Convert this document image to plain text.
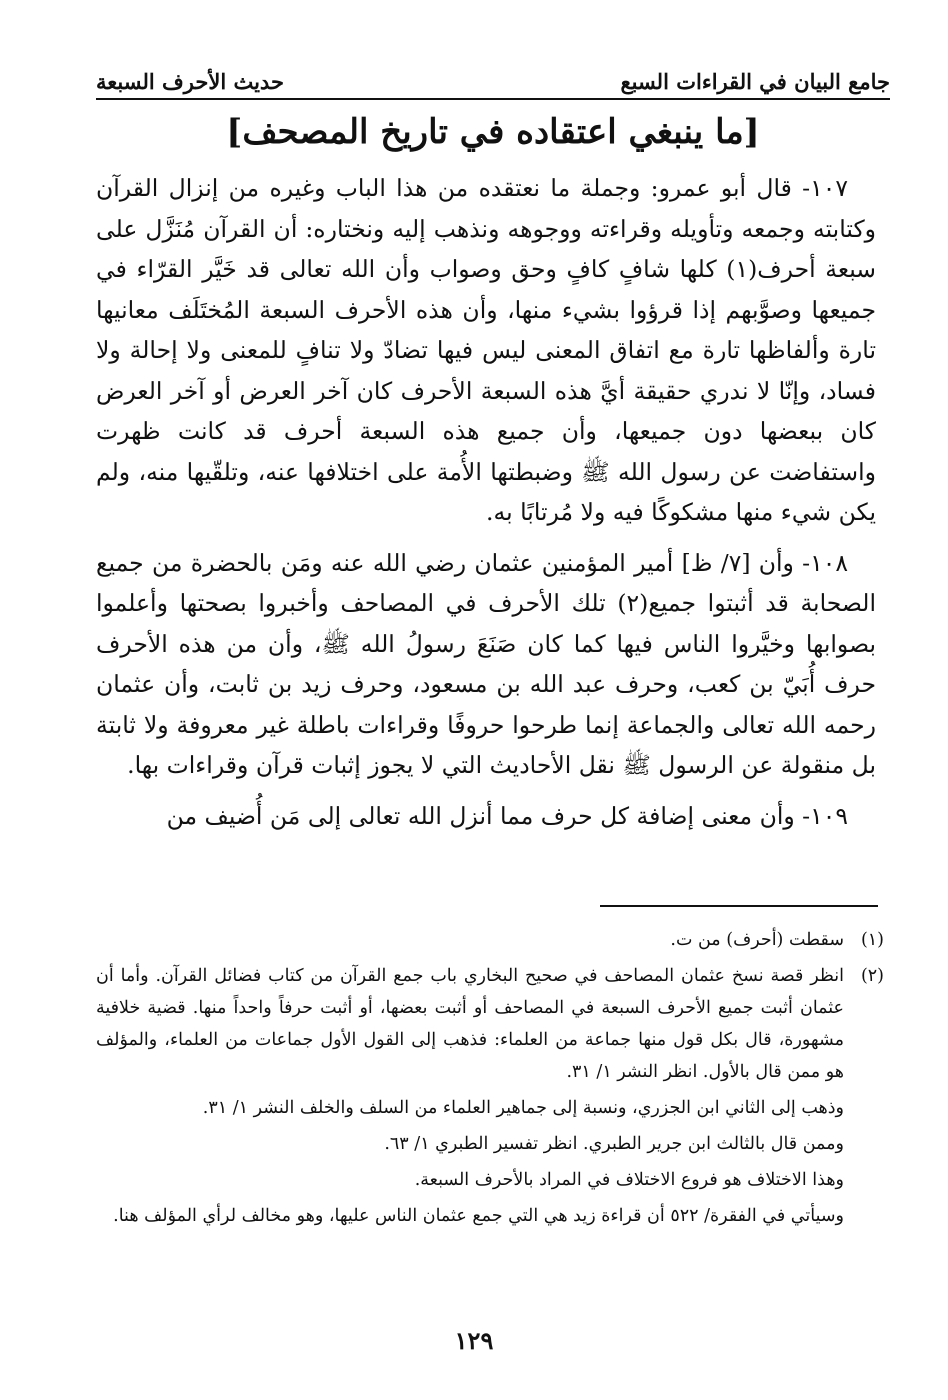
جامع البيان في القراءات السبع
حديث الأحرف السبعة
[ما ينبغي اعتقاده في تاريخ المصحف]

١٠٧- قال أبو عمرو: وجملة ما نعتقده من هذا الباب وغيره من إنزال القرآن وكتابته وجمعه وتأويله وقراءته ووجوهه ونذهب إليه ونختاره: أن القرآن مُنَزَّل على سبعة أحرف(١) كلها شافٍ كافٍ وحق وصواب وأن الله تعالى قد خَيَّر القرّاء في جميعها وصوَّبهم إذا قرؤوا بشيء منها، وأن هذه الأحرف السبعة المُختَلَف معانيها تارة وألفاظها تارة مع اتفاق المعنى ليس فيها تضادّ ولا تنافٍ للمعنى ولا إحالة ولا فساد، وإنّا لا ندري حقيقة أيَّ هذه السبعة الأحرف كان آخر العرض أو آخر العرض كان ببعضها دون جميعها، وأن جميع هذه السبعة أحرف قد كانت ظهرت واستفاضت عن رسول الله ﷺ وضبطتها الأُمة على اختلافها عنه، وتلقّيها منه، ولم يكن شيء منها مشكوكًا فيه ولا مُرتابًا به.

١٠٨- وأن [٧/ ظ] أمير المؤمنين عثمان رضي الله عنه ومَن بالحضرة من جميع الصحابة قد أثبتوا جميع(٢) تلك الأحرف في المصاحف وأخبروا بصحتها وأعلموا بصوابها وخيَّروا الناس فيها كما كان صَنَعَ رسولُ الله ﷺ، وأن من هذه الأحرف حرف أُبَيّ بن كعب، وحرف عبد الله بن مسعود، وحرف زيد بن ثابت، وأن عثمان رحمه الله تعالى والجماعة إنما طرحوا حروفًا وقراءات باطلة غير معروفة ولا ثابتة بل منقولة عن الرسول ﷺ نقل الأحاديث التي لا يجوز إثبات قرآن وقراءات بها.

١٠٩- وأن معنى إضافة كل حرف مما أنزل الله تعالى إلى مَن أُضيف من

(١)
سقطت (أحرف) من ت.
(٢)
انظر قصة نسخ عثمان المصاحف في صحيح البخاري باب جمع القرآن من كتاب فضائل القرآن. وأما أن عثمان أثبت جميع الأحرف السبعة في المصاحف أو أثبت بعضها، أو أثبت حرفاً واحداً منها. قضية خلافية مشهورة، قال بكل قول منها جماعة من العلماء: فذهب إلى القول الأول جماعات من العلماء، والمؤلف هو ممن قال بالأول. انظر النشر ١/ ٣١.
وذهب إلى الثاني ابن الجزري، ونسبة إلى جماهير العلماء من السلف والخلف النشر ١/ ٣١.
وممن قال بالثالث ابن جرير الطبري. انظر تفسير الطبري ١/ ٦٣.
وهذا الاختلاف هو فروع الاختلاف في المراد بالأحرف السبعة.
وسيأتي في الفقرة/ ٥٢٢ أن قراءة زيد هي التي جمع عثمان الناس عليها، وهو مخالف لرأي المؤلف هنا.
١٢٩
